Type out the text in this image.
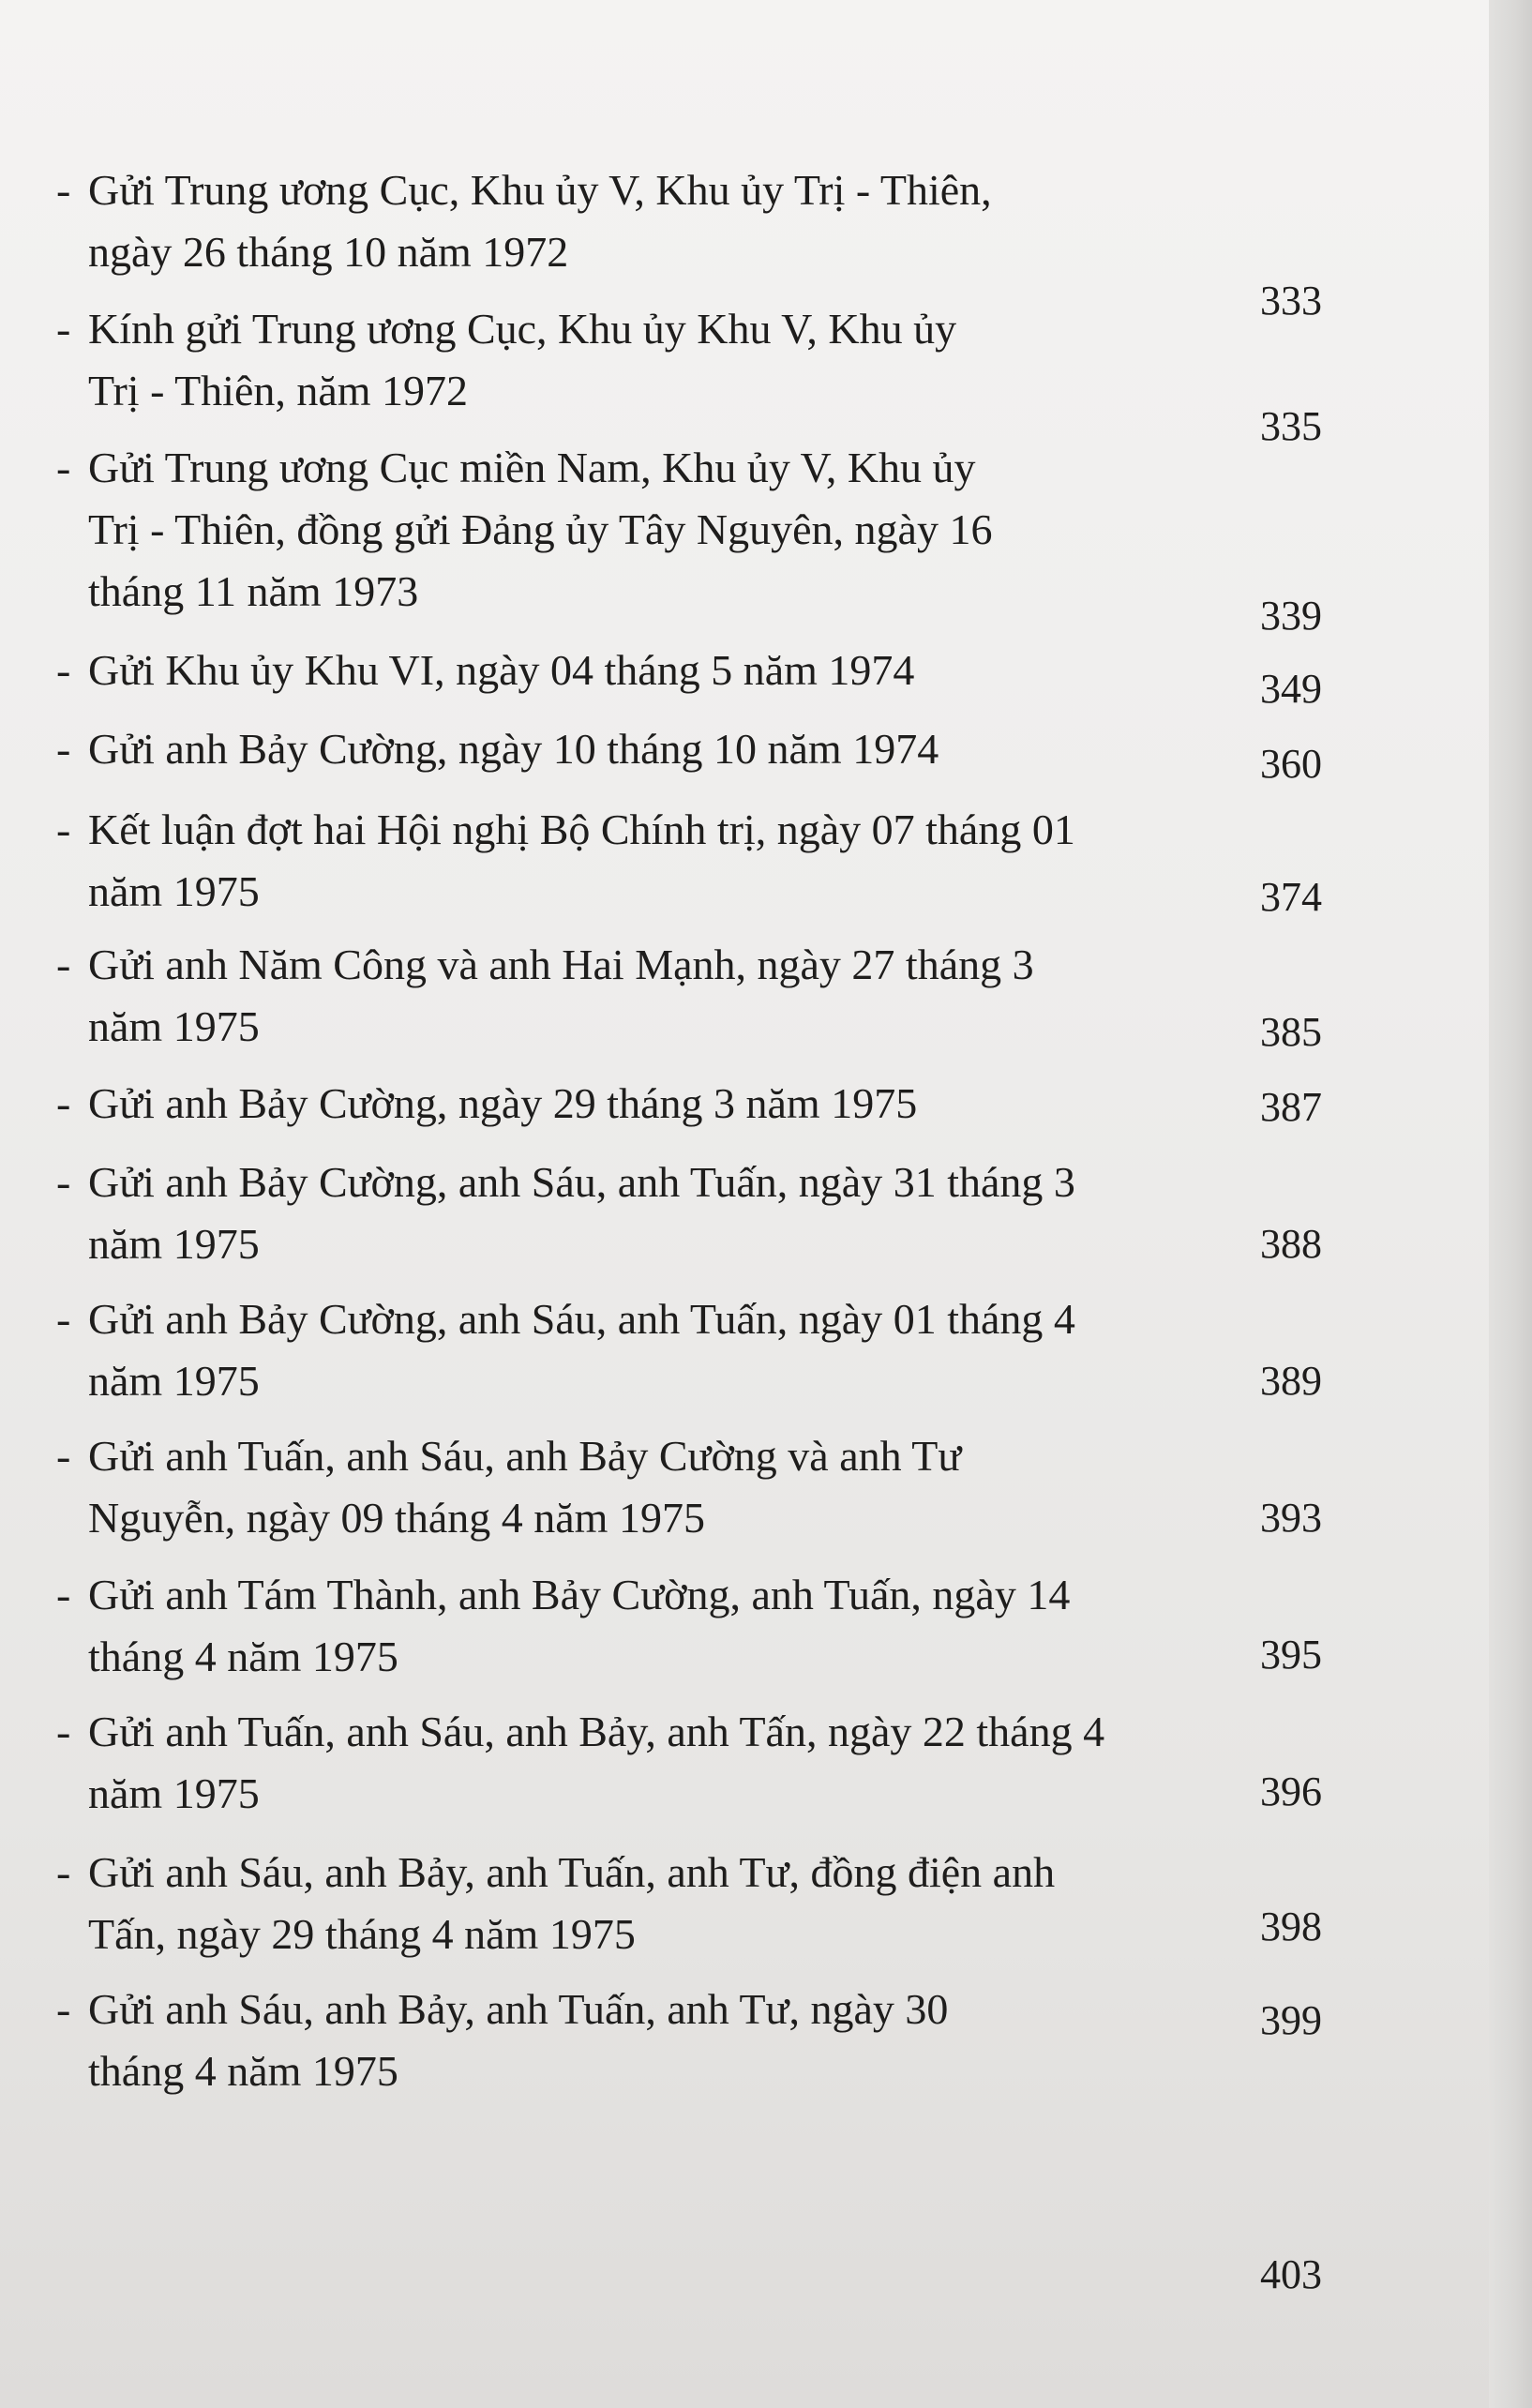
- Gửi Trung ương Cục, Khu ủy V, Khu ủy Trị - Thiên,
ngày 26 tháng 10 năm 1972
333
- Kính gửi Trung ương Cục, Khu ủy Khu V, Khu ủy
Trị - Thiên, năm 1972
335
- Gửi Trung ương Cục miền Nam, Khu ủy V, Khu ủy
Trị - Thiên, đồng gửi Đảng ủy Tây Nguyên, ngày 16
tháng 11 năm 1973
339
- Gửi Khu ủy Khu VI, ngày 04 tháng 5 năm 1974	349
- Gửi anh Bảy Cường, ngày 10 tháng 10 năm 1974	360
- Kết luận đợt hai Hội nghị Bộ Chính trị, ngày 07 tháng 01
năm 1975	374
- Gửi anh Năm Công và anh Hai Mạnh, ngày 27 tháng 3
năm 1975	385
- Gửi anh Bảy Cường, ngày 29 tháng 3 năm 1975	387
- Gửi anh Bảy Cường, anh Sáu, anh Tuấn, ngày 31 tháng 3
năm 1975	388
- Gửi anh Bảy Cường, anh Sáu, anh Tuấn, ngày 01 tháng 4
năm 1975	389
- Gửi anh Tuấn, anh Sáu, anh Bảy Cường và anh Tư
Nguyễn, ngày 09 tháng 4 năm 1975	393
- Gửi anh Tám Thành, anh Bảy Cường, anh Tuấn, ngày 14
tháng 4 năm 1975	395
- Gửi anh Tuấn, anh Sáu, anh Bảy, anh Tấn, ngày 22 tháng 4
năm 1975	396
- Gửi anh Sáu, anh Bảy, anh Tuấn, anh Tư, đồng điện anh
Tấn, ngày 29 tháng 4 năm 1975	398
- Gửi anh Sáu, anh Bảy, anh Tuấn, anh Tư, ngày 30
tháng 4 năm 1975
399
403
